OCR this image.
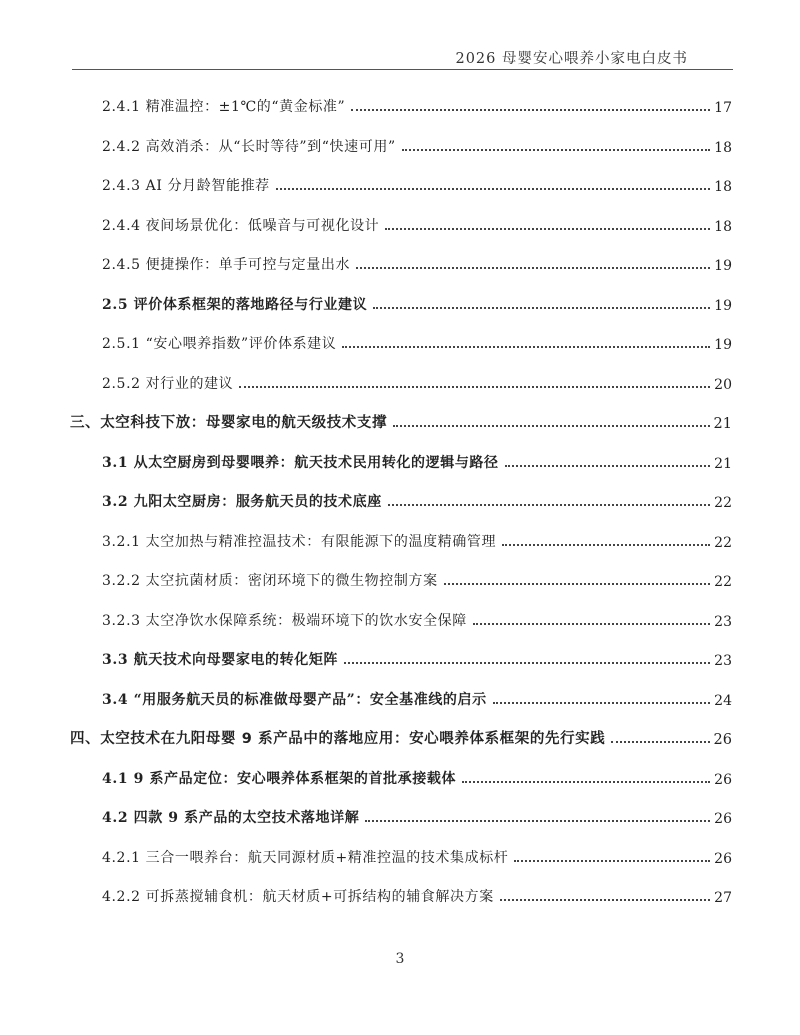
2026 母婴安心喂养小家电白皮书
2.4.1 精准温控：±1℃的“黄金标准”	17
2.4.2 高效消杀：从“长时等待”到“快速可用”	18
2.4.3 AI 分月龄智能推荐	18
2.4.4 夜间场景优化：低噪音与可视化设计	18
2.4.5 便捷操作：单手可控与定量出水	19
2.5 评价体系框架的落地路径与行业建议	19
2.5.1 “安心喂养指数”评价体系建议	19
2.5.2 对行业的建议	20
三、太空科技下放：母婴家电的航天级技术支撑	21
3.1 从太空厨房到母婴喂养：航天技术民用转化的逻辑与路径	21
3.2 九阳太空厨房：服务航天员的技术底座	22
3.2.1 太空加热与精准控温技术：有限能源下的温度精确管理	22
3.2.2 太空抗菌材质：密闭环境下的微生物控制方案	22
3.2.3 太空净饮水保障系统：极端环境下的饮水安全保障	23
3.3 航天技术向母婴家电的转化矩阵	23
3.4 “用服务航天员的标准做母婴产品”：安全基准线的启示	24
四、太空技术在九阳母婴 9 系产品中的落地应用：安心喂养体系框架的先行实践	26
4.1 9 系产品定位：安心喂养体系框架的首批承接载体	26
4.2 四款 9 系产品的太空技术落地详解	26
4.2.1 三合一喂养台：航天同源材质+精准控温的技术集成标杆	26
4.2.2 可拆蒸搅辅食机：航天材质+可拆结构的辅食解决方案	27
3
